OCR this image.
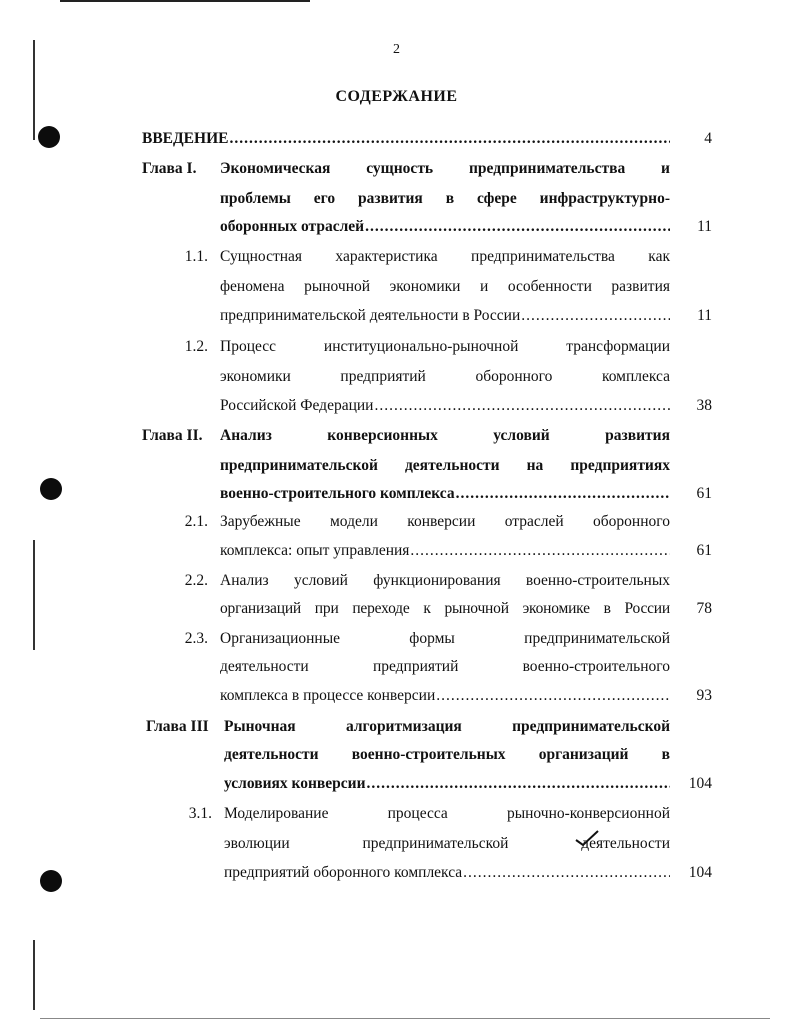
2
СОДЕРЖАНИЕ
ВВЕДЕНИЕ .....	4
Глава I.	Экономическая сущность предпринимательства и
проблемы его развития в сфере инфраструктурно-
оборонных отраслей .....	11
1.1. Сущностная характеристика предпринимательства как
феномена рыночной экономики и особенности развития
предпринимательской деятельности в России .....	11
1.2. Процесс институционально-рыночной трансформации
экономики предприятий оборонного комплекса
Российской Федерации .....	38
Глава II.	Анализ конверсионных условий развития
предпринимательской деятельности на предприятиях
военно-строительного комплекса .....	61
2.1. Зарубежные модели конверсии отраслей оборонного
комплекса: опыт управления .....	61
2.2. Анализ условий функционирования военно-строительных
организаций при переходе к рыночной экономике в России	78
2.3. Организационные формы предпринимательской
деятельности предприятий военно-строительного
комплекса в процессе конверсии .....	93
Глава III Рыночная алгоритмизация предпринимательской
деятельности военно-строительных организаций в
условиях конверсии .....	104
3.1. Моделирование процесса рыночно-конверсионной
эволюции предпринимательской деятельности
предприятий оборонного комплекса .....	104
